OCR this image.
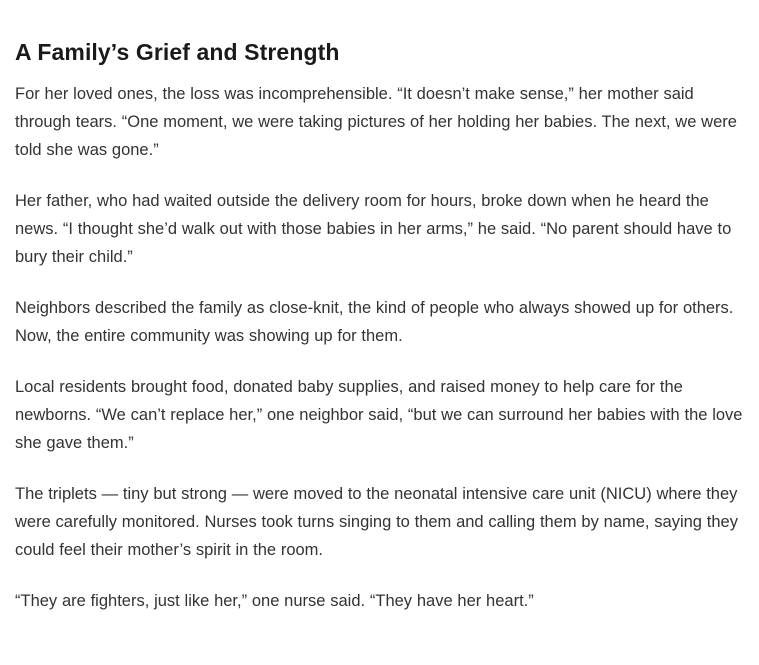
A Family’s Grief and Strength

For her loved ones, the loss was incomprehensible. “It doesn’t make sense,” her mother said through tears. “One moment, we were taking pictures of her holding her babies. The next, we were told she was gone.”

Her father, who had waited outside the delivery room for hours, broke down when he heard the news. “I thought she’d walk out with those babies in her arms,” he said. “No parent should have to bury their child.”

Neighbors described the family as close-knit, the kind of people who always showed up for others. Now, the entire community was showing up for them.

Local residents brought food, donated baby supplies, and raised money to help care for the newborns. “We can’t replace her,” one neighbor said, “but we can surround her babies with the love she gave them.”

The triplets — tiny but strong — were moved to the neonatal intensive care unit (NICU) where they were carefully monitored. Nurses took turns singing to them and calling them by name, saying they could feel their mother’s spirit in the room.

“They are fighters, just like her,” one nurse said. “They have her heart.”
